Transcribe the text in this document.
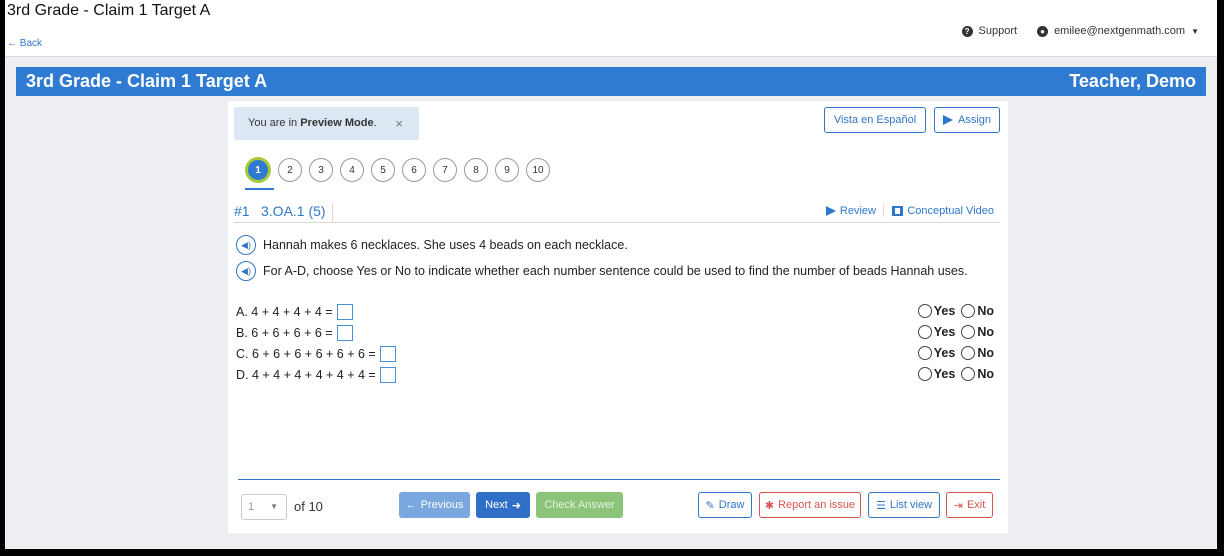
3rd Grade - Claim 1 Target A
← Back
? Support	● emilee@nextgenmath.com ▼
3rd Grade - Claim 1 Target A	Teacher, Demo
You are in Preview Mode. ×	Vista en Español	Assign
1	2	3	4	5	6	7	8	9	10
#1 3.OA.1 (5)	Review	Conceptual Video
◀) Hannah makes 6 necklaces. She uses 4 beads on each necklace.
◀) For A-D, choose Yes or No to indicate whether each number sentence could be used to find the number of beads Hannah uses.
A. 4 + 4 + 4 + 4 =	Yes No
B. 6 + 6 + 6 + 6 =	Yes No
C. 6 + 6 + 6 + 6 + 6 + 6 =	Yes No
D. 4 + 4 + 4 + 4 + 4 + 4 =	Yes No
1 ▼ of 10	← Previous Next ➜	Check Answer	✎ Draw ✱ Report an issue ☰ List view ⇥ Exit
